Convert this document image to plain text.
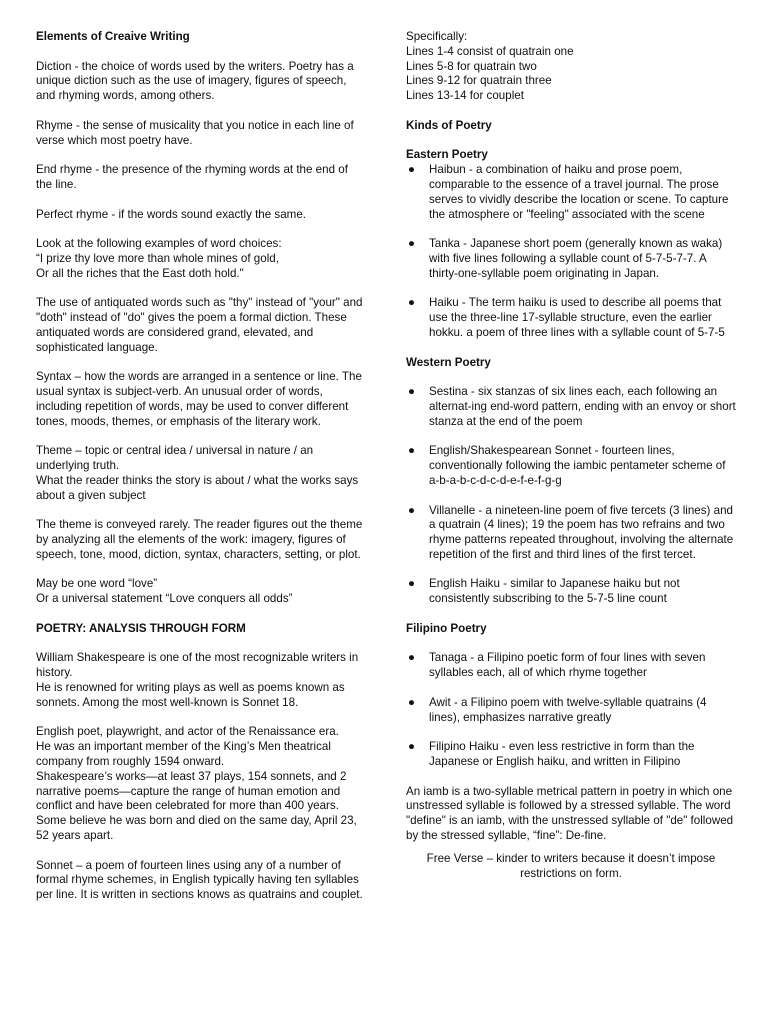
Elements of Creaive Writing

Diction - the choice of words used by the writers. Poetry has a unique diction such as the use of imagery, figures of speech, and rhyming words, among others.

Rhyme - the sense of musicality that you notice in each line of verse which most poetry have.

End rhyme - the presence of the rhyming words at the end of the line.

Perfect rhyme - if the words sound exactly the same.

Look at the following examples of word choices:
“I prize thy love more than whole mines of gold,
Or all the riches that the East doth hold."

The use of antiquated words such as "thy" instead of "your" and "doth" instead of "do" gives the poem a formal diction. These antiquated words are considered grand, elevated, and sophisticated language.

Syntax – how the words are arranged in a sentence or line. The usual syntax is subject-verb. An unusual order of words, including repetition of words, may be used to conver different tones, moods, themes, or emphasis of the literary work.

Theme – topic or central idea / universal in nature / an underlying truth.
What the reader thinks the story is about / what the works says about a given subject

The theme is conveyed rarely. The reader figures out the theme by analyzing all the elements of the work: imagery, figures of speech, tone, mood, diction, syntax, characters, setting, or plot.

May be one word “love”
Or a universal statement “Love conquers all odds”

POETRY: ANALYSIS THROUGH FORM

William Shakespeare is one of the most recognizable writers in history.
He is renowned for writing plays as well as poems known as sonnets. Among the most well-known is Sonnet 18.

English poet, playwright, and actor of the Renaissance era.
He was an important member of the King’s Men theatrical company from roughly 1594 onward.
Shakespeare’s works—at least 37 plays, 154 sonnets, and 2 narrative poems—capture the range of human emotion and conflict and have been celebrated for more than 400 years.
Some believe he was born and died on the same day, April 23, 52 years apart.

Sonnet – a poem of fourteen lines using any of a number of formal rhyme schemes, in English typically having ten syllables per line. It is written in sections knows as quatrains and couplet.

Specifically:
Lines 1-4 consist of quatrain one
Lines 5-8 for quatrain two
Lines 9-12 for quatrain three
Lines 13-14 for couplet

Kinds of Poetry
Eastern Poetry
● Haibun - a combination of haiku and prose poem, comparable to the essence of a travel journal. The prose serves to vividly describe the location or scene. To capture the atmosphere or "feeling" associated with the scene
● Tanka - Japanese short poem (generally known as waka) with five lines following a syllable count of 5-7-5-7-7. A thirty-one-syllable poem originating in Japan.
● Haiku - The term haiku is used to describe all poems that use the three-line 17-syllable structure, even the earlier hokku. a poem of three lines with a syllable count of 5-7-5
Western Poetry
● Sestina - six stanzas of six lines each, each following an alternat-ing end-word pattern, ending with an envoy or short stanza at the end of the poem
● English/Shakespearean Sonnet - fourteen lines, conventionally following the iambic pentameter scheme of a-b-a-b-c-d-c-d-e-f-e-f-g-g
● Villanelle - a nineteen-line poem of five tercets (3 lines) and a quatrain (4 lines); 19 the poem has two refrains and two rhyme patterns repeated throughout, involving the alternate repetition of the first and third lines of the first tercet.
● English Haiku - similar to Japanese haiku but not consistently subscribing to the 5-7-5 line count
Filipino Poetry
● Tanaga - a Filipino poetic form of four lines with seven syllables each, all of which rhyme together
● Awit - a Filipino poem with twelve-syllable quatrains (4 lines), emphasizes narrative greatly
● Filipino Haiku - even less restrictive in form than the Japanese or English haiku, and written in Filipino

An iamb is a two-syllable metrical pattern in poetry in which one unstressed syllable is followed by a stressed syllable. The word "define" is an iamb, with the unstressed syllable of "de" followed by the stressed syllable, “fine”: De-fine.

Free Verse – kinder to writers because it doesn’t impose restrictions on form.
